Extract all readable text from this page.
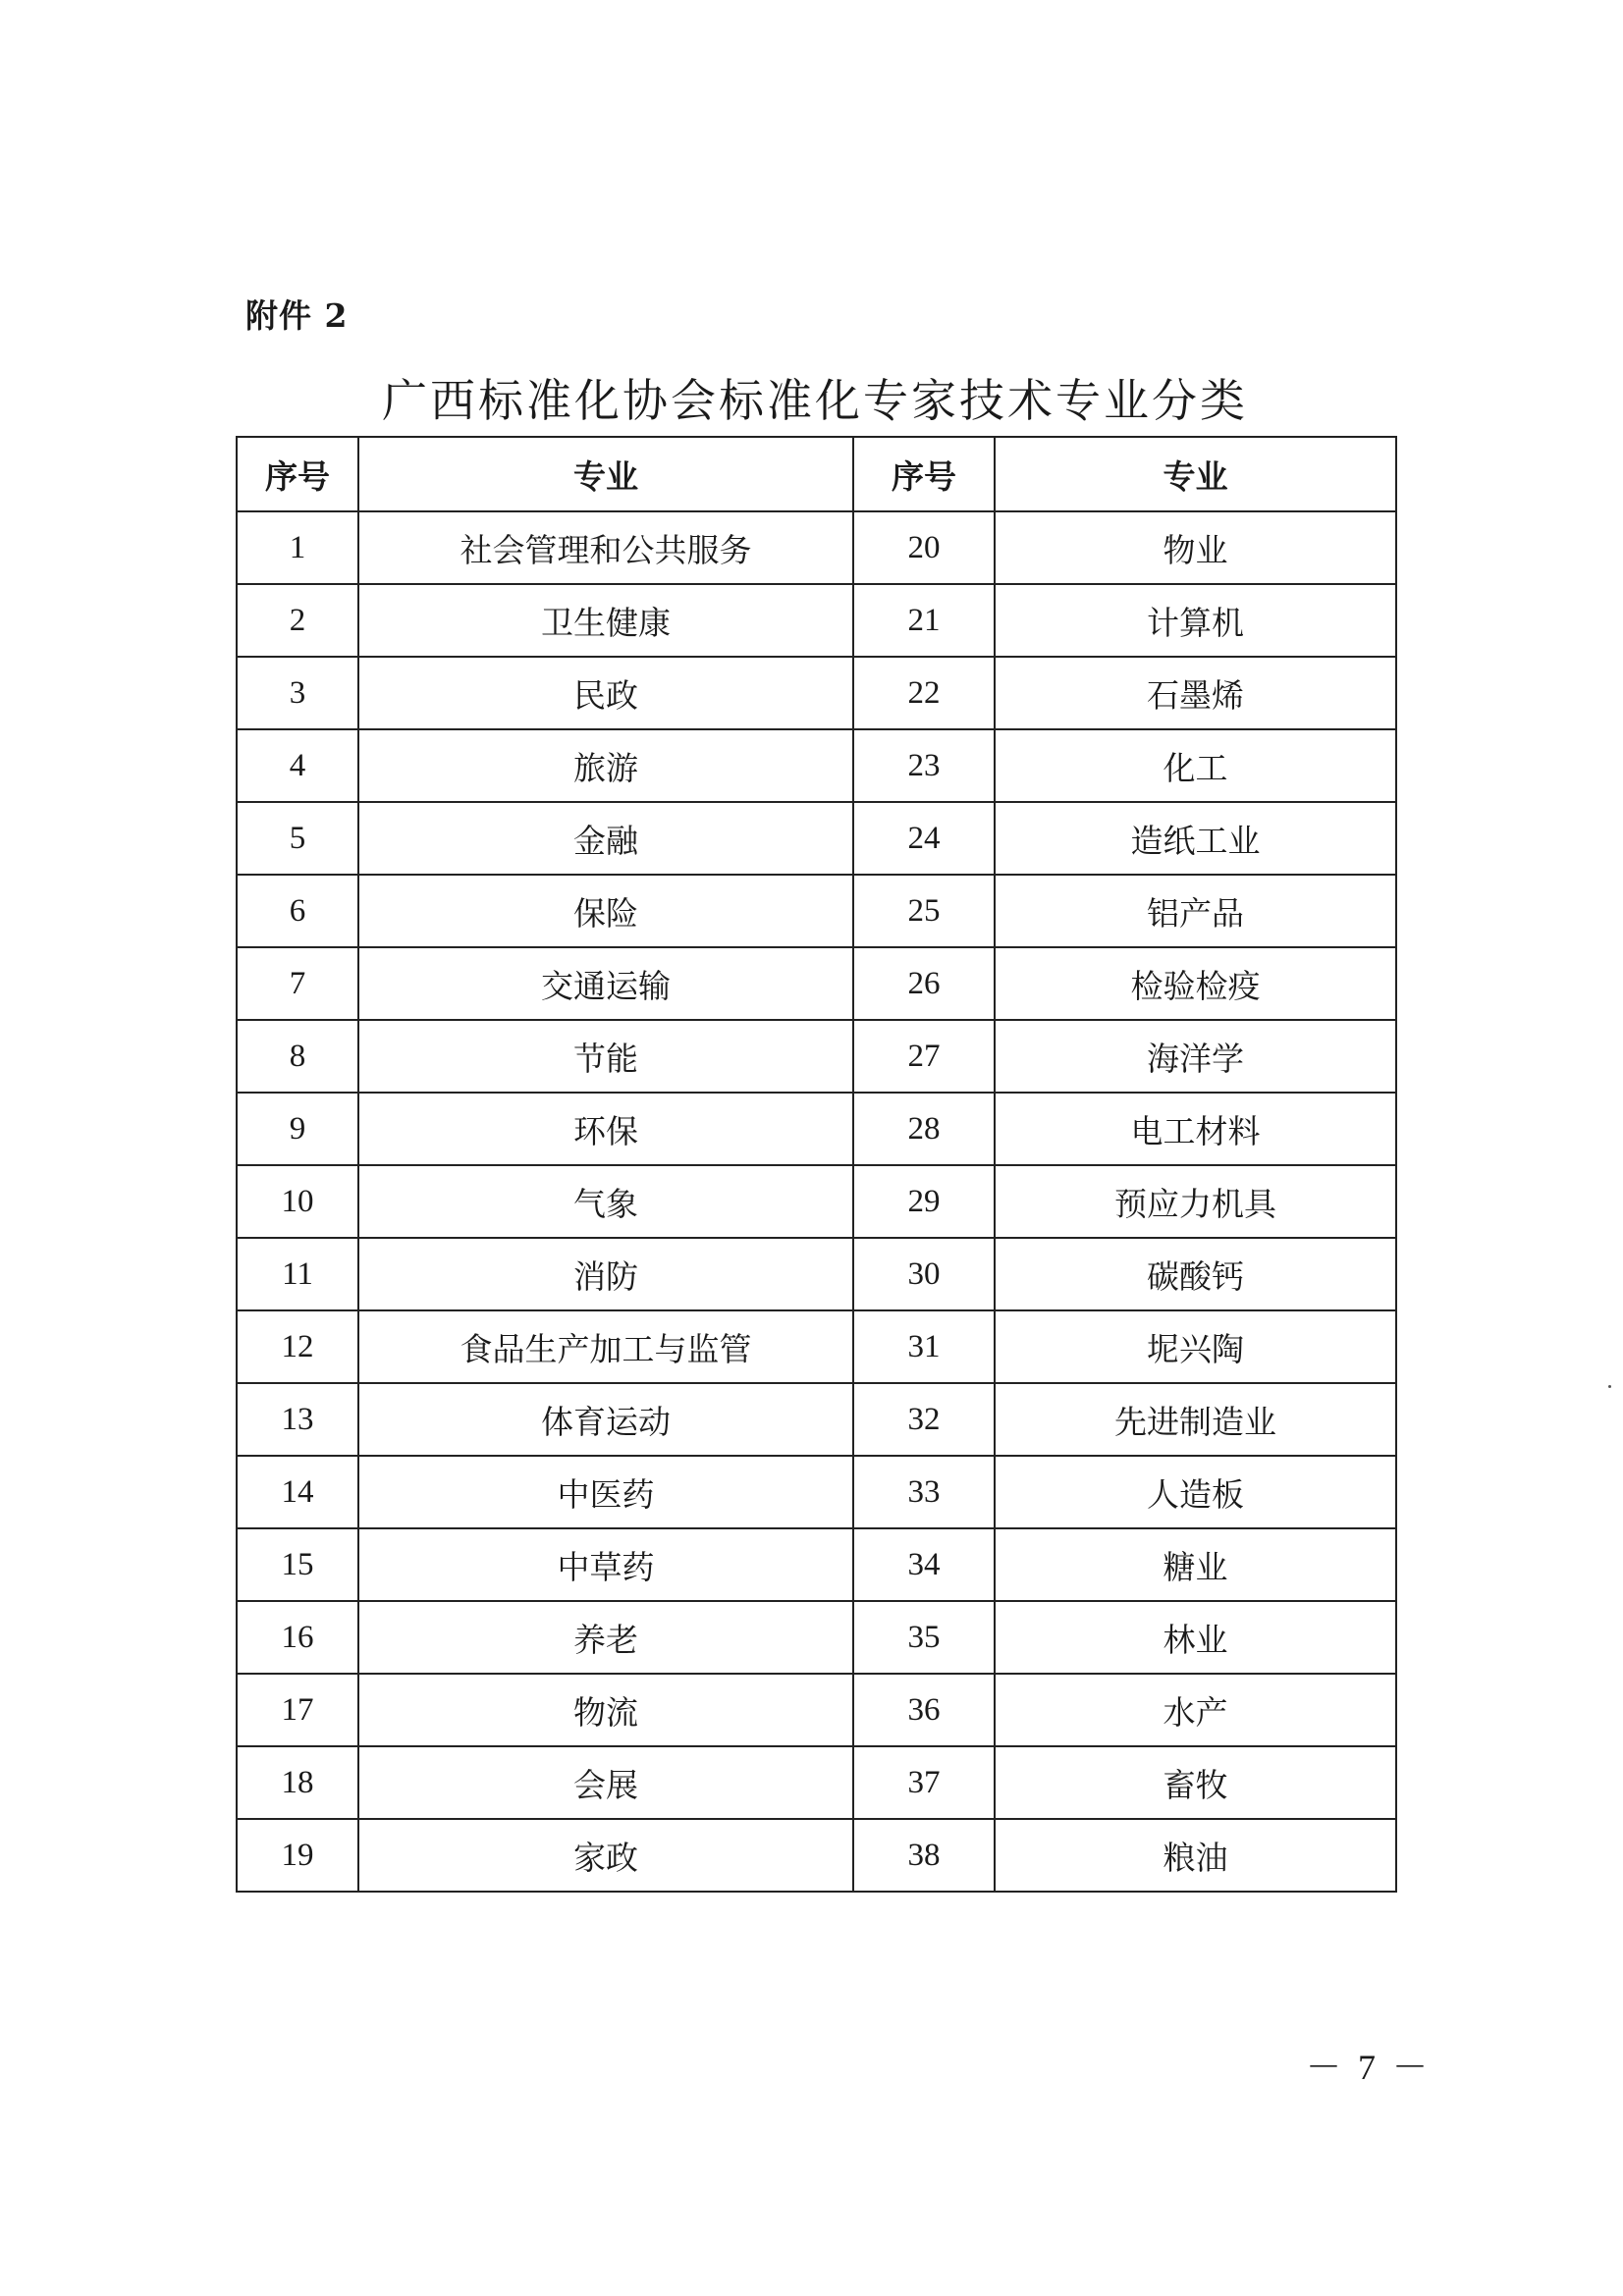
附件 2
广西标准化协会标准化专家技术专业分类
序号	专业	序号	专业
1	社会管理和公共服务	20	物业
2	卫生健康	21	计算机
3	民政	22	石墨烯
4	旅游	23	化工
5	金融	24	造纸工业
6	保险	25	铝产品
7	交通运输	26	检验检疫
8	节能	27	海洋学
9	环保	28	电工材料
10	气象	29	预应力机具
11	消防	30	碳酸钙
12	食品生产加工与监管	31	坭兴陶
13	体育运动	32	先进制造业
14	中医药	33	人造板
15	中草药	34	糖业
16	养老	35	林业
17	物流	36	水产
18	会展	37	畜牧
19	家政	38	粮油
－ 7 －
